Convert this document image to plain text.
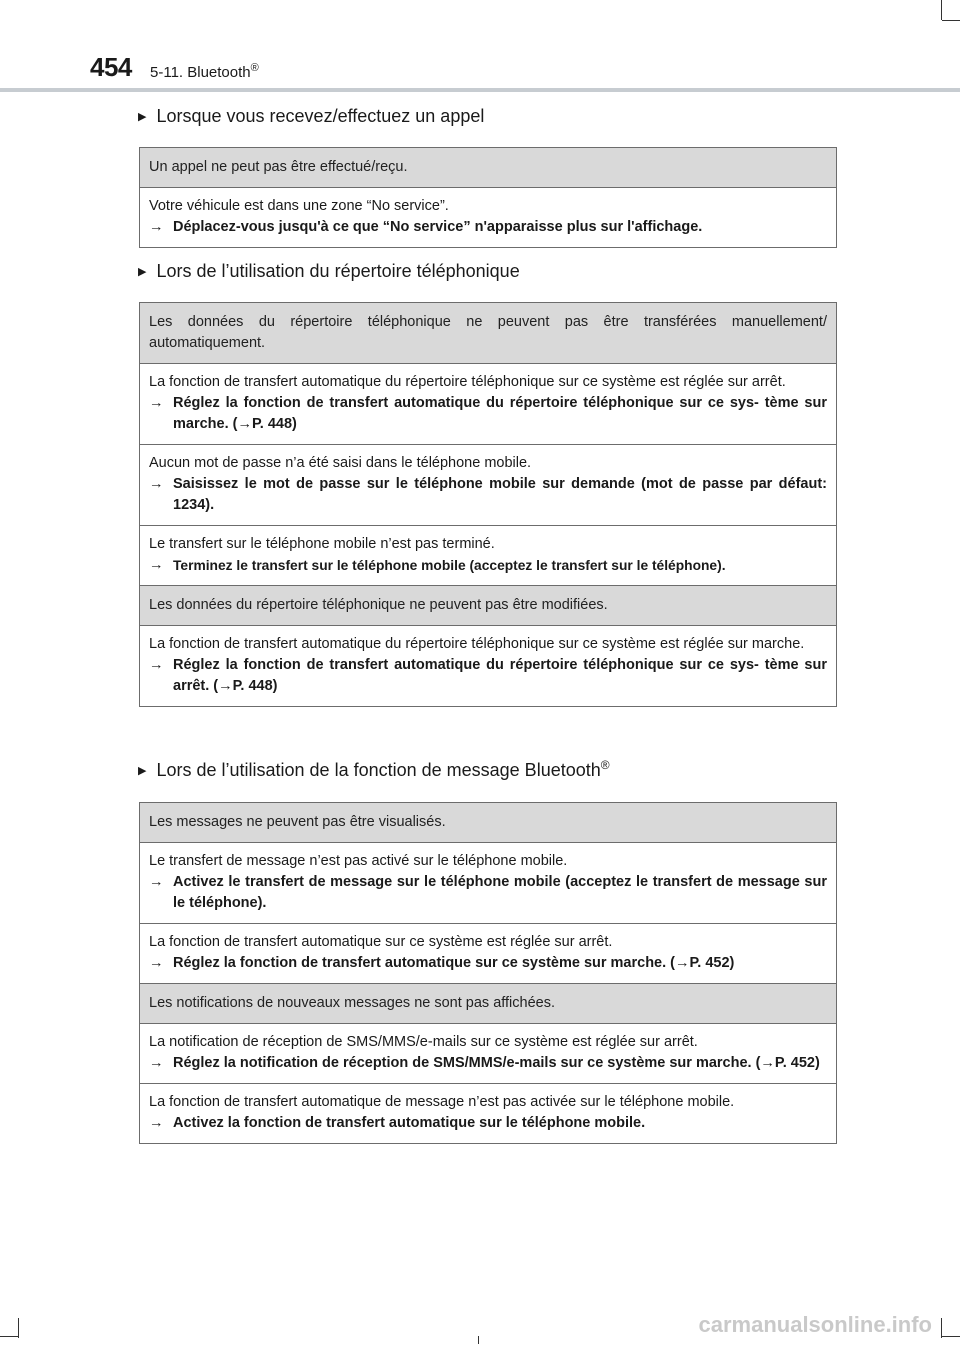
454 5-11. Bluetooth®
▶ Lorsque vous recevez/effectuez un appel
Un appel ne peut pas être effectué/reçu.
Votre véhicule est dans une zone “No service”.
→ Déplacez-vous jusqu'à ce que “No service” n'apparaisse plus sur l'affichage.
▶ Lors de l’utilisation du répertoire téléphonique
Les données du répertoire téléphonique ne peuvent pas être transférées manuellement/ automatiquement.
La fonction de transfert automatique du répertoire téléphonique sur ce système est réglée sur arrêt.
→ Réglez la fonction de transfert automatique du répertoire téléphonique sur ce sys- tème sur marche. (→P. 448)
Aucun mot de passe n’a été saisi dans le téléphone mobile.
→ Saisissez le mot de passe sur le téléphone mobile sur demande (mot de passe par défaut: 1234).
Le transfert sur le téléphone mobile n’est pas terminé.
→ Terminez le transfert sur le téléphone mobile (acceptez le transfert sur le téléphone).
Les données du répertoire téléphonique ne peuvent pas être modifiées.
La fonction de transfert automatique du répertoire téléphonique sur ce système est réglée sur marche.
→ Réglez la fonction de transfert automatique du répertoire téléphonique sur ce sys- tème sur arrêt. (→P. 448)
▶ Lors de l’utilisation de la fonction de message Bluetooth®
Les messages ne peuvent pas être visualisés.
Le transfert de message n’est pas activé sur le téléphone mobile.
→ Activez le transfert de message sur le téléphone mobile (acceptez le transfert de message sur le téléphone).
La fonction de transfert automatique sur ce système est réglée sur arrêt.
→ Réglez la fonction de transfert automatique sur ce système sur marche. (→P. 452)
Les notifications de nouveaux messages ne sont pas affichées.
La notification de réception de SMS/MMS/e-mails sur ce système est réglée sur arrêt.
→ Réglez la notification de réception de SMS/MMS/e-mails sur ce système sur marche. (→P. 452)
La fonction de transfert automatique de message n’est pas activée sur le téléphone mobile.
→ Activez la fonction de transfert automatique sur le téléphone mobile.
carmanualsonline.info
